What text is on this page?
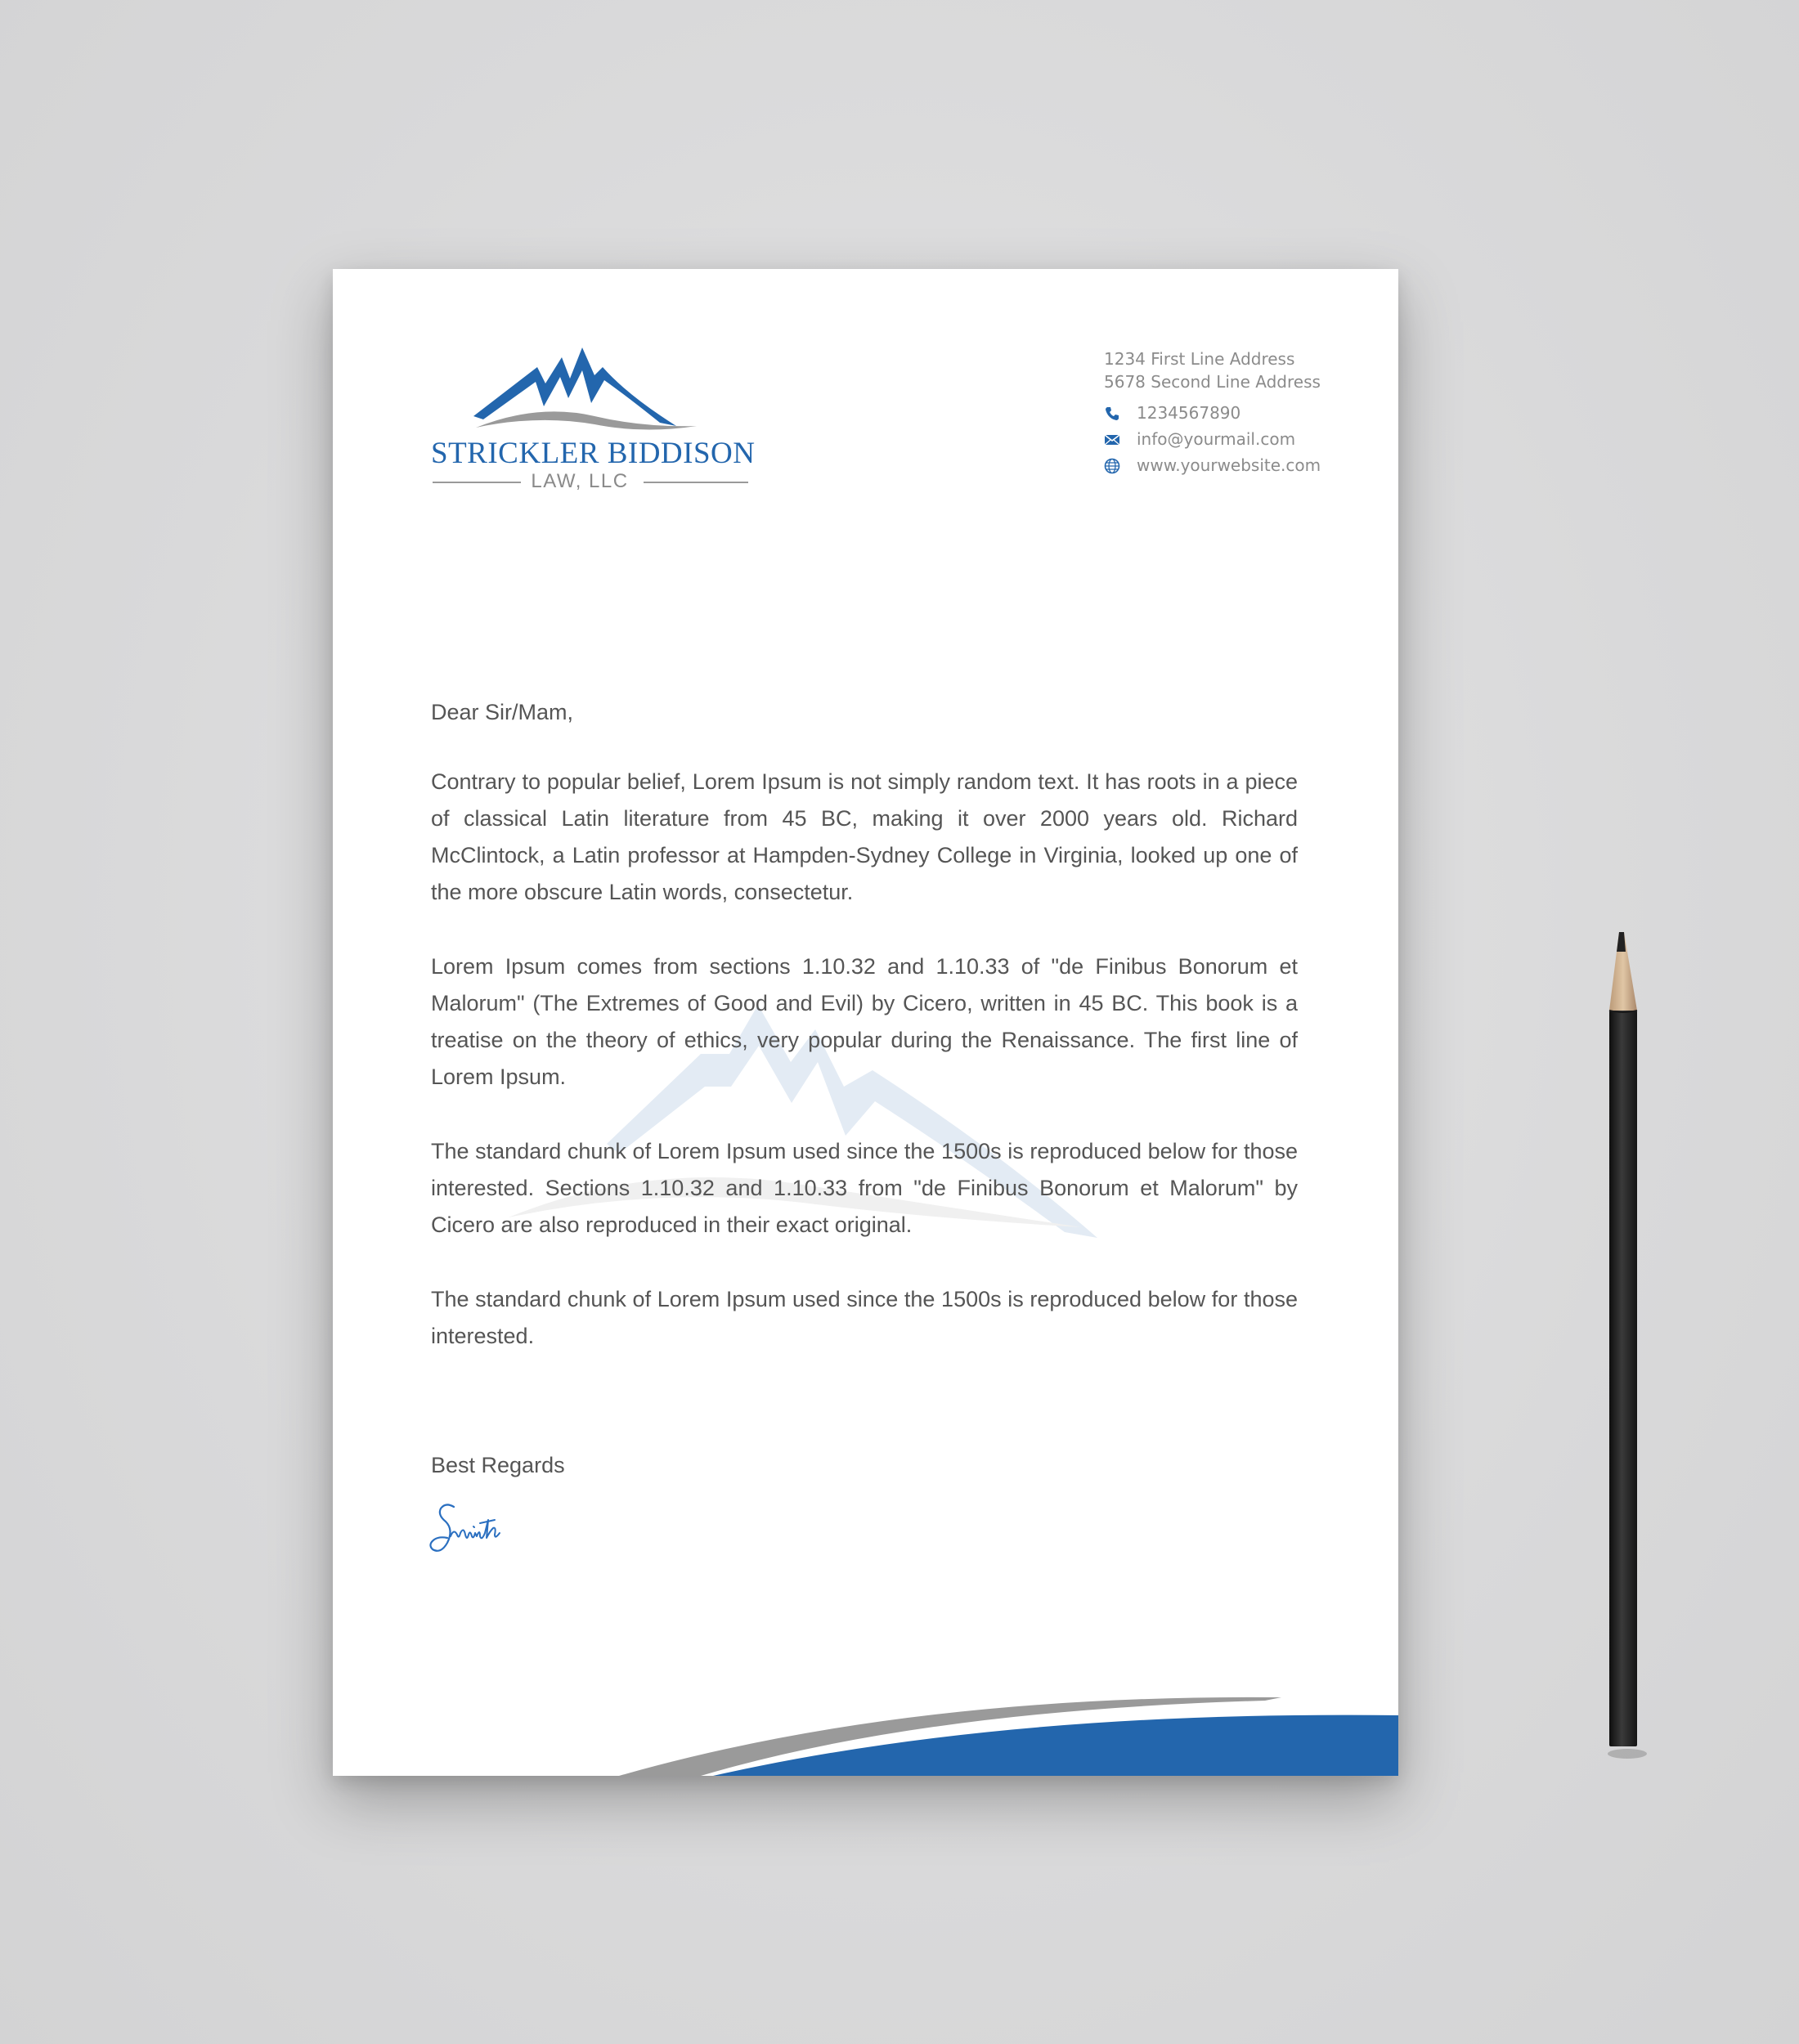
STRICKLER BIDDISON
LAW, LLC
1234 First Line Address
5678 Second Line Address
1234567890
info@yourmail.com
www.yourwebsite.com

Dear Sir/Mam,

Contrary to popular belief, Lorem Ipsum is not simply random text. It has roots in a piece of classical Latin literature from 45 BC, making it over 2000 years old. Richard McClintock, a Latin professor at Hampden-Sydney College in Virginia, looked up one of the more obscure Latin words, consectetur.

Lorem Ipsum comes from sections 1.10.32 and 1.10.33 of "de Finibus Bonorum et Malorum" (The Extremes of Good and Evil) by Cicero, written in 45 BC. This book is a treatise on the theory of ethics, very popular during the Renaissance. The first line of Lorem Ipsum.

The standard chunk of Lorem Ipsum used since the 1500s is reproduced below for those interested. Sections 1.10.32 and 1.10.33 from "de Finibus Bonorum et Malorum" by Cicero are also reproduced in their exact original.

The standard chunk of Lorem Ipsum used since the 1500s is reproduced below for those interested.

Best Regards
